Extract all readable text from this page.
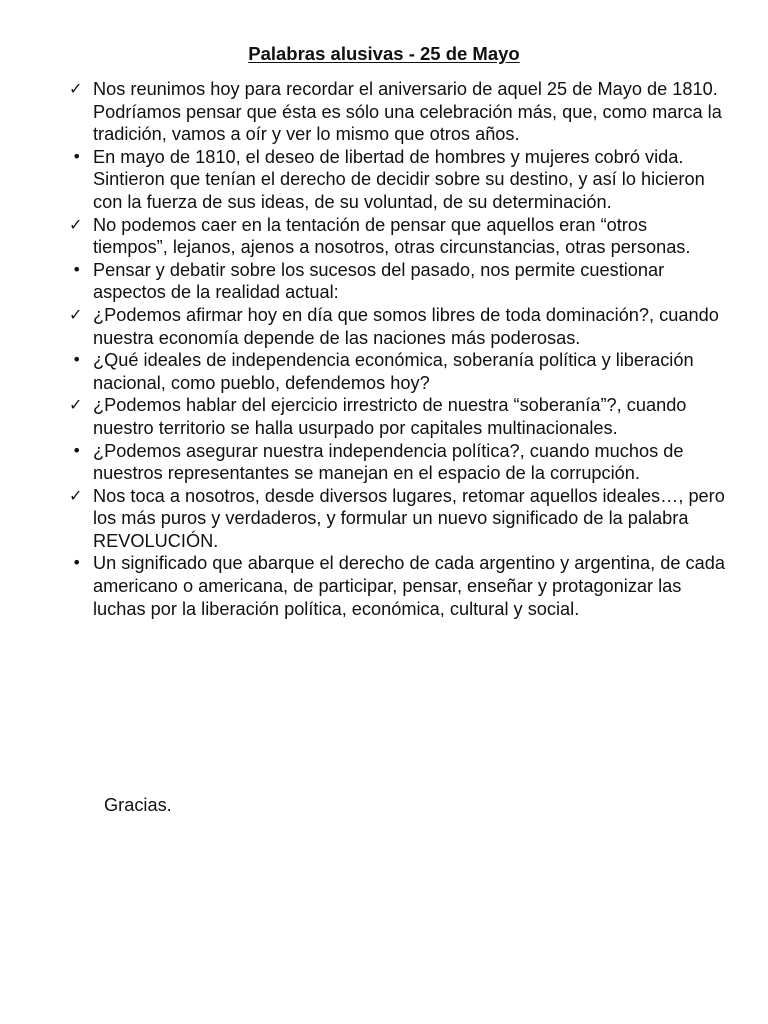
Palabras alusivas - 25 de Mayo
✓ Nos reunimos hoy para recordar el aniversario de aquel 25 de Mayo de 1810. Podríamos pensar que ésta es sólo una celebración más, que, como marca la tradición, vamos a oír y ver lo mismo que otros años.
• En mayo de 1810, el deseo de libertad de hombres y mujeres cobró vida. Sintieron que tenían el derecho de decidir sobre su destino, y así lo hicieron con la fuerza de sus ideas, de su voluntad, de su determinación.
✓ No podemos caer en la tentación de pensar que aquellos eran “otros tiempos”, lejanos, ajenos a nosotros, otras circunstancias, otras personas.
• Pensar y debatir sobre los sucesos del pasado, nos permite cuestionar aspectos de la realidad actual:
✓ ¿Podemos afirmar hoy en día que somos libres de toda dominación?, cuando nuestra economía depende de las naciones más poderosas.
• ¿Qué ideales de independencia económica, soberanía política y liberación nacional, como pueblo, defendemos hoy?
✓ ¿Podemos hablar del ejercicio irrestricto de nuestra “soberanía”?, cuando nuestro territorio se halla usurpado por capitales multinacionales.
• ¿Podemos asegurar nuestra independencia política?, cuando muchos de nuestros representantes se manejan en el espacio de la corrupción.
✓ Nos toca a nosotros, desde diversos lugares, retomar aquellos ideales…, pero los más puros y verdaderos, y formular un nuevo significado de la palabra REVOLUCIÓN.
• Un significado que abarque el derecho de cada argentino y argentina, de cada americano o americana, de participar, pensar, enseñar y protagonizar las luchas por la liberación política, económica, cultural y social.
Gracias.
